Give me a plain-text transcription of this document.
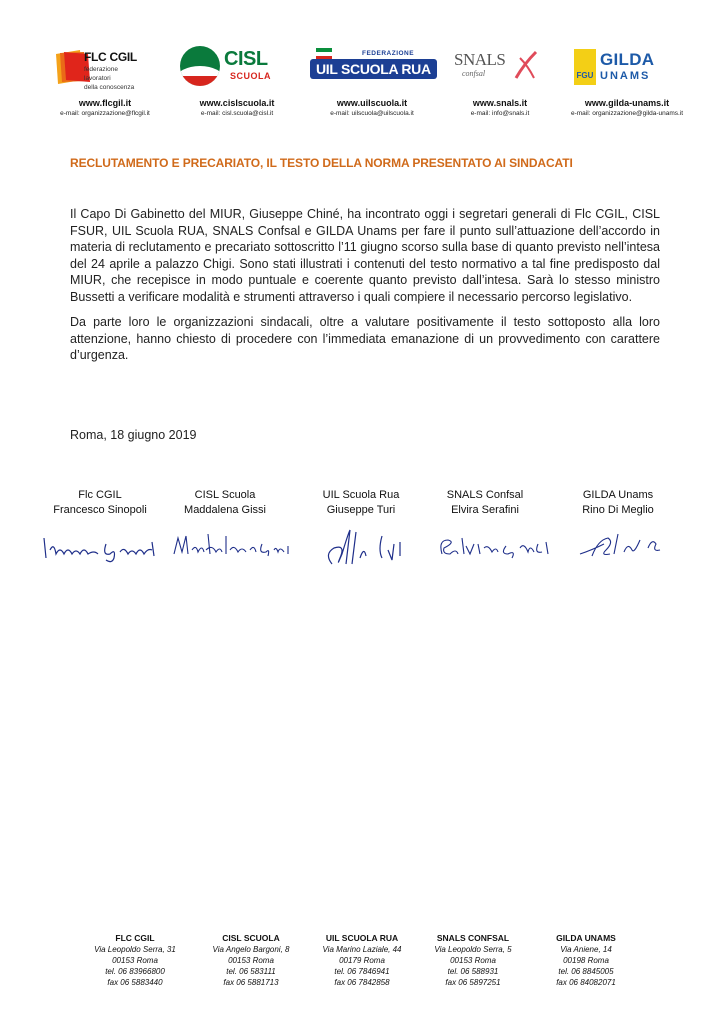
FLC CGIL
federazione
lavoratori
della conoscenza
www.flcgil.it
e-mail: organizzazione@flcgil.it
CISL
SCUOLA
www.cislscuola.it
e-mail: cisl.scuola@cisl.it
FEDERAZIONE
UIL SCUOLA RUA
www.uilscuola.it
e-mail: uilscuola@uilscuola.it
SNALS
confsal
www.snals.it
e-mail: info@snals.it
FGU
GILDA
UNAMS
www.gilda-unams.it
e-mail: organizzazione@gilda-unams.it
RECLUTAMENTO E PRECARIATO, IL TESTO DELLA NORMA PRESENTATO AI SINDACATI

Il Capo Di Gabinetto del MIUR, Giuseppe Chiné, ha incontrato oggi i segretari generali di Flc CGIL, CISL FSUR, UIL Scuola RUA, SNALS Confsal e GILDA Unams per fare il punto sull’attuazione dell’accordo in materia di reclutamento e precariato sottoscritto l’11 giugno scorso sulla base di quanto previsto nell’intesa del 24 aprile a palazzo Chigi. Sono stati illustrati i contenuti del testo normativo a tal fine predisposto dal MIUR, che recepisce in modo puntuale e coerente quanto previsto dall’intesa. Sarà lo stesso ministro Bussetti a verificare modalità e strumenti attraverso i quali compiere il necessario percorso legislativo.

Da parte loro le organizzazioni sindacali, oltre a valutare positivamente il testo sottoposto alla loro attenzione, hanno chiesto di procedere con l’immediata emanazione di un provvedimento con carattere d’urgenza.

Roma, 18 giugno 2019
Flc CGIL
Francesco Sinopoli
CISL Scuola
Maddalena Gissi
UIL Scuola Rua
Giuseppe Turi
SNALS Confsal
Elvira Serafini
GILDA Unams
Rino Di Meglio
FLC CGIL
Via Leopoldo Serra, 31
00153 Roma
tel. 06 83966800
fax 06 5883440
CISL SCUOLA
Via Angelo Bargoni, 8
00153 Roma
tel. 06 583111
fax 06 5881713
UIL SCUOLA RUA
Via Marino Laziale, 44
00179 Roma
tel. 06 7846941
fax 06 7842858
SNALS CONFSAL
Via Leopoldo Serra, 5
00153 Roma
tel. 06 588931
fax 06 5897251
GILDA UNAMS
Via Aniene, 14
00198 Roma
tel. 06 8845005
fax 06 84082071
